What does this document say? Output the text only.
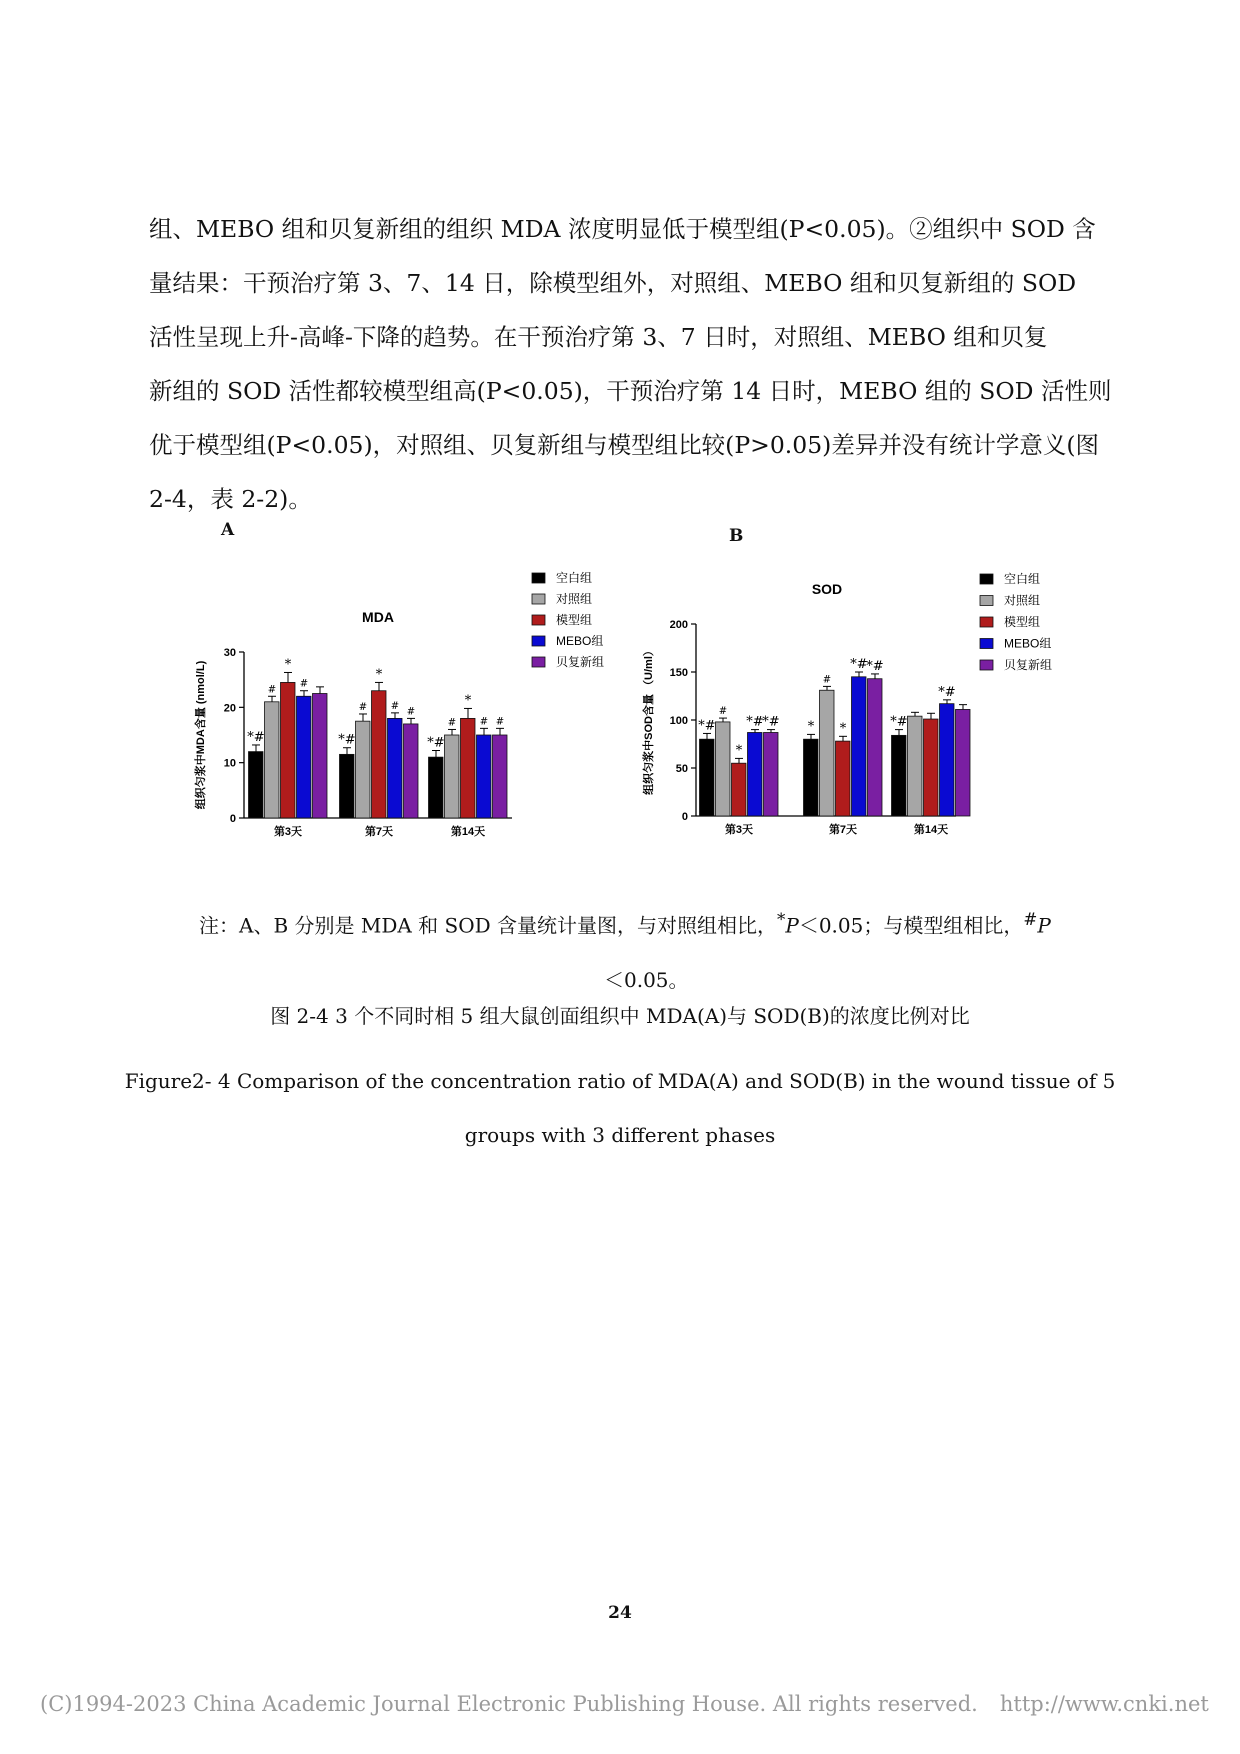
组、MEBO 组和贝复新组的组织 MDA 浓度明显低于模型组(P<0.05)。②组织中 SOD 含
量结果：干预治疗第 3、7、14 日，除模型组外，对照组、MEBO 组和贝复新组的 SOD
活性呈现上升-高峰-下降的趋势。在干预治疗第 3、7 日时，对照组、MEBO 组和贝复
新组的 SOD 活性都较模型组高(P<0.05)，干预治疗第 14 日时，MEBO 组的 SOD 活性则
优于模型组(P<0.05)，对照组、贝复新组与模型组比较(P>0.05)差异并没有统计学意义(图
2-4，表 2-2)。
A	B
MDA
组织匀浆中MDA含量 (nmol/L)
0
10
20
30
*#
#
*
#
第3天
*#
#
*
#
#
第7天
*#
#
*
# #
第14天
空白组
对照组
模型组
MEBO组
贝复新组
SOD
组织匀浆中SOD含量 （U/ml）
0
50
100
150
200
*#
#
*
*#
*#
第3天
*
#
*
*#
*#
第7天
*#
*#
第14天
空白组
对照组
模型组
MEBO组
贝复新组
注：A、B 分别是 MDA 和 SOD 含量统计量图，与对照组相比，*P＜0.05；与模型组相比，#P
＜0.05。
图 2-4 3 个不同时相 5 组大鼠创面组织中 MDA(A)与 SOD(B)的浓度比例对比
Figure2- 4 Comparison of the concentration ratio of MDA(A) and SOD(B) in the wound tissue of 5
groups with 3 different phases
24
(C)1994-2023 China Academic Journal Electronic Publishing House. All rights reserved. http://www.cnki.net
